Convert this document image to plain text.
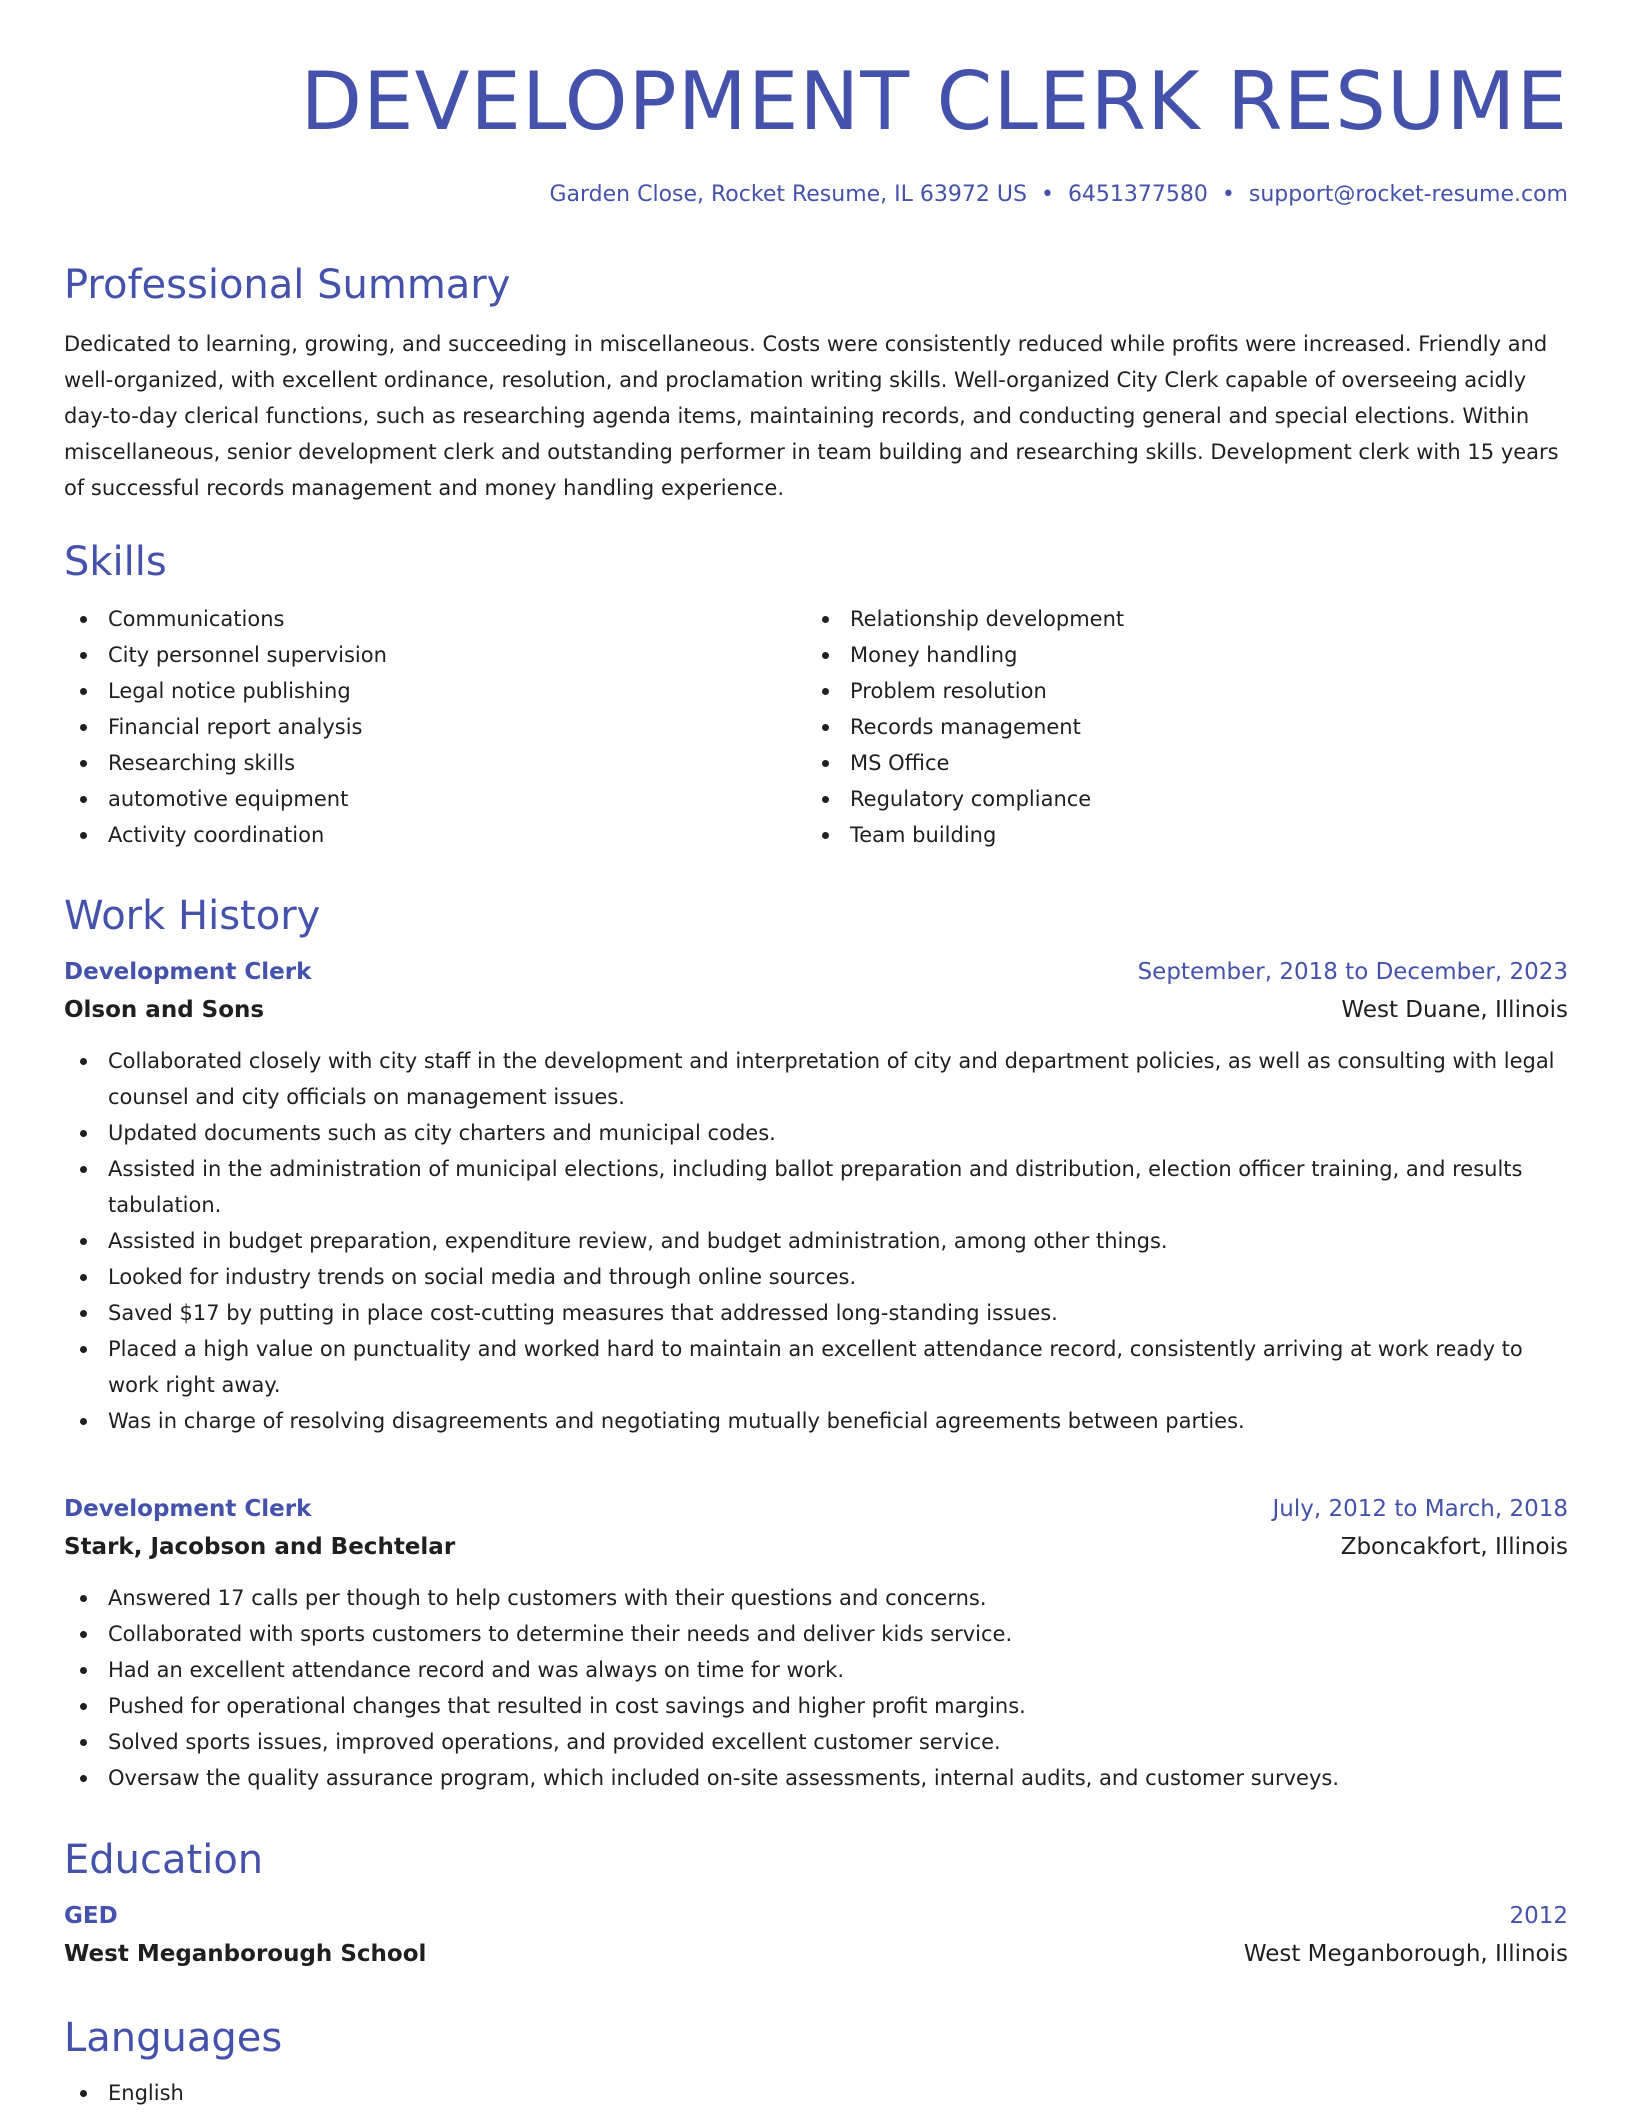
DEVELOPMENT CLERK RESUME
Garden Close, Rocket Resume, IL 63972 US • 6451377580 • support@rocket-resume.com
Professional Summary

Dedicated to learning, growing, and succeeding in miscellaneous. Costs were consistently reduced while profits were increased. Friendly and well-organized, with excellent ordinance, resolution, and proclamation writing skills. Well-organized City Clerk capable of overseeing acidly day-to-day clerical functions, such as researching agenda items, maintaining records, and conducting general and special elections. Within miscellaneous, senior development clerk and outstanding performer in team building and researching skills. Development clerk with 15 years of successful records management and money handling experience.

Skills
Communications
City personnel supervision
Legal notice publishing
Financial report analysis
Researching skills
automotive equipment
Activity coordination
Relationship development
Money handling
Problem resolution
Records management
MS Office
Regulatory compliance
Team building
Work History
Development Clerk	September, 2018 to December, 2023
Olson and Sons	West Duane, Illinois
Collaborated closely with city staff in the development and interpretation of city and department policies, as well as consulting with legal counsel and city officials on management issues.
Updated documents such as city charters and municipal codes.
Assisted in the administration of municipal elections, including ballot preparation and distribution, election officer training, and results tabulation.
Assisted in budget preparation, expenditure review, and budget administration, among other things.
Looked for industry trends on social media and through online sources.
Saved $17 by putting in place cost-cutting measures that addressed long-standing issues.
Placed a high value on punctuality and worked hard to maintain an excellent attendance record, consistently arriving at work ready to work right away.
Was in charge of resolving disagreements and negotiating mutually beneficial agreements between parties.
Development Clerk	July, 2012 to March, 2018
Stark, Jacobson and Bechtelar	Zboncakfort, Illinois
Answered 17 calls per though to help customers with their questions and concerns.
Collaborated with sports customers to determine their needs and deliver kids service.
Had an excellent attendance record and was always on time for work.
Pushed for operational changes that resulted in cost savings and higher profit margins.
Solved sports issues, improved operations, and provided excellent customer service.
Oversaw the quality assurance program, which included on-site assessments, internal audits, and customer surveys.
Education
GED	2012
West Meganborough School	West Meganborough, Illinois
Languages
English
